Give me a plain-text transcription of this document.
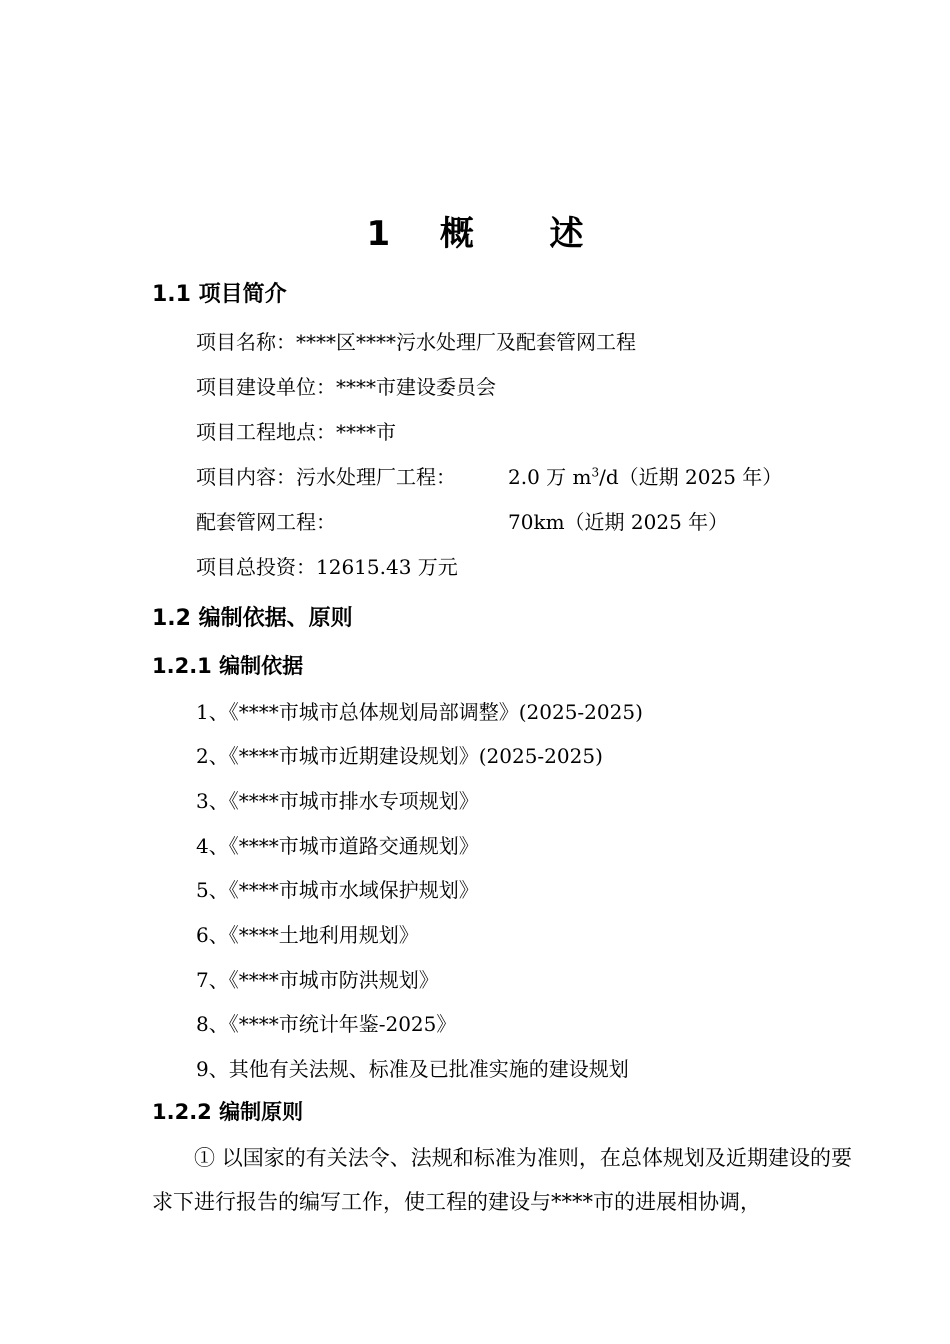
1 概 述
1.1 项目简介
项目名称：****区****污水处理厂及配套管网工程
项目建设单位：****市建设委员会
项目工程地点：****市
项目内容：污水处理厂工程：	2.0 万 $m^3/d$（近期 2025 年）
配套管网工程：	70km（近期 2025 年）
项目总投资：12615.43 万元
1.2 编制依据、原则
1.2.1 编制依据
1、《****市城市总体规划局部调整》(2025-2025)
2、《****市城市近期建设规划》(2025-2025)
3、《****市城市排水专项规划》
4、《****市城市道路交通规划》
5、《****市城市水域保护规划》
6、《****土地利用规划》
7、《****市城市防洪规划》
8、《****市统计年鉴-2025》
9、其他有关法规、标准及已批准实施的建设规划
1.2.2 编制原则
① 以国家的有关法令、法规和标准为准则，在总体规划及近期建设的要求下进行报告的编写工作，使工程的建设与****市的进展相协调，
